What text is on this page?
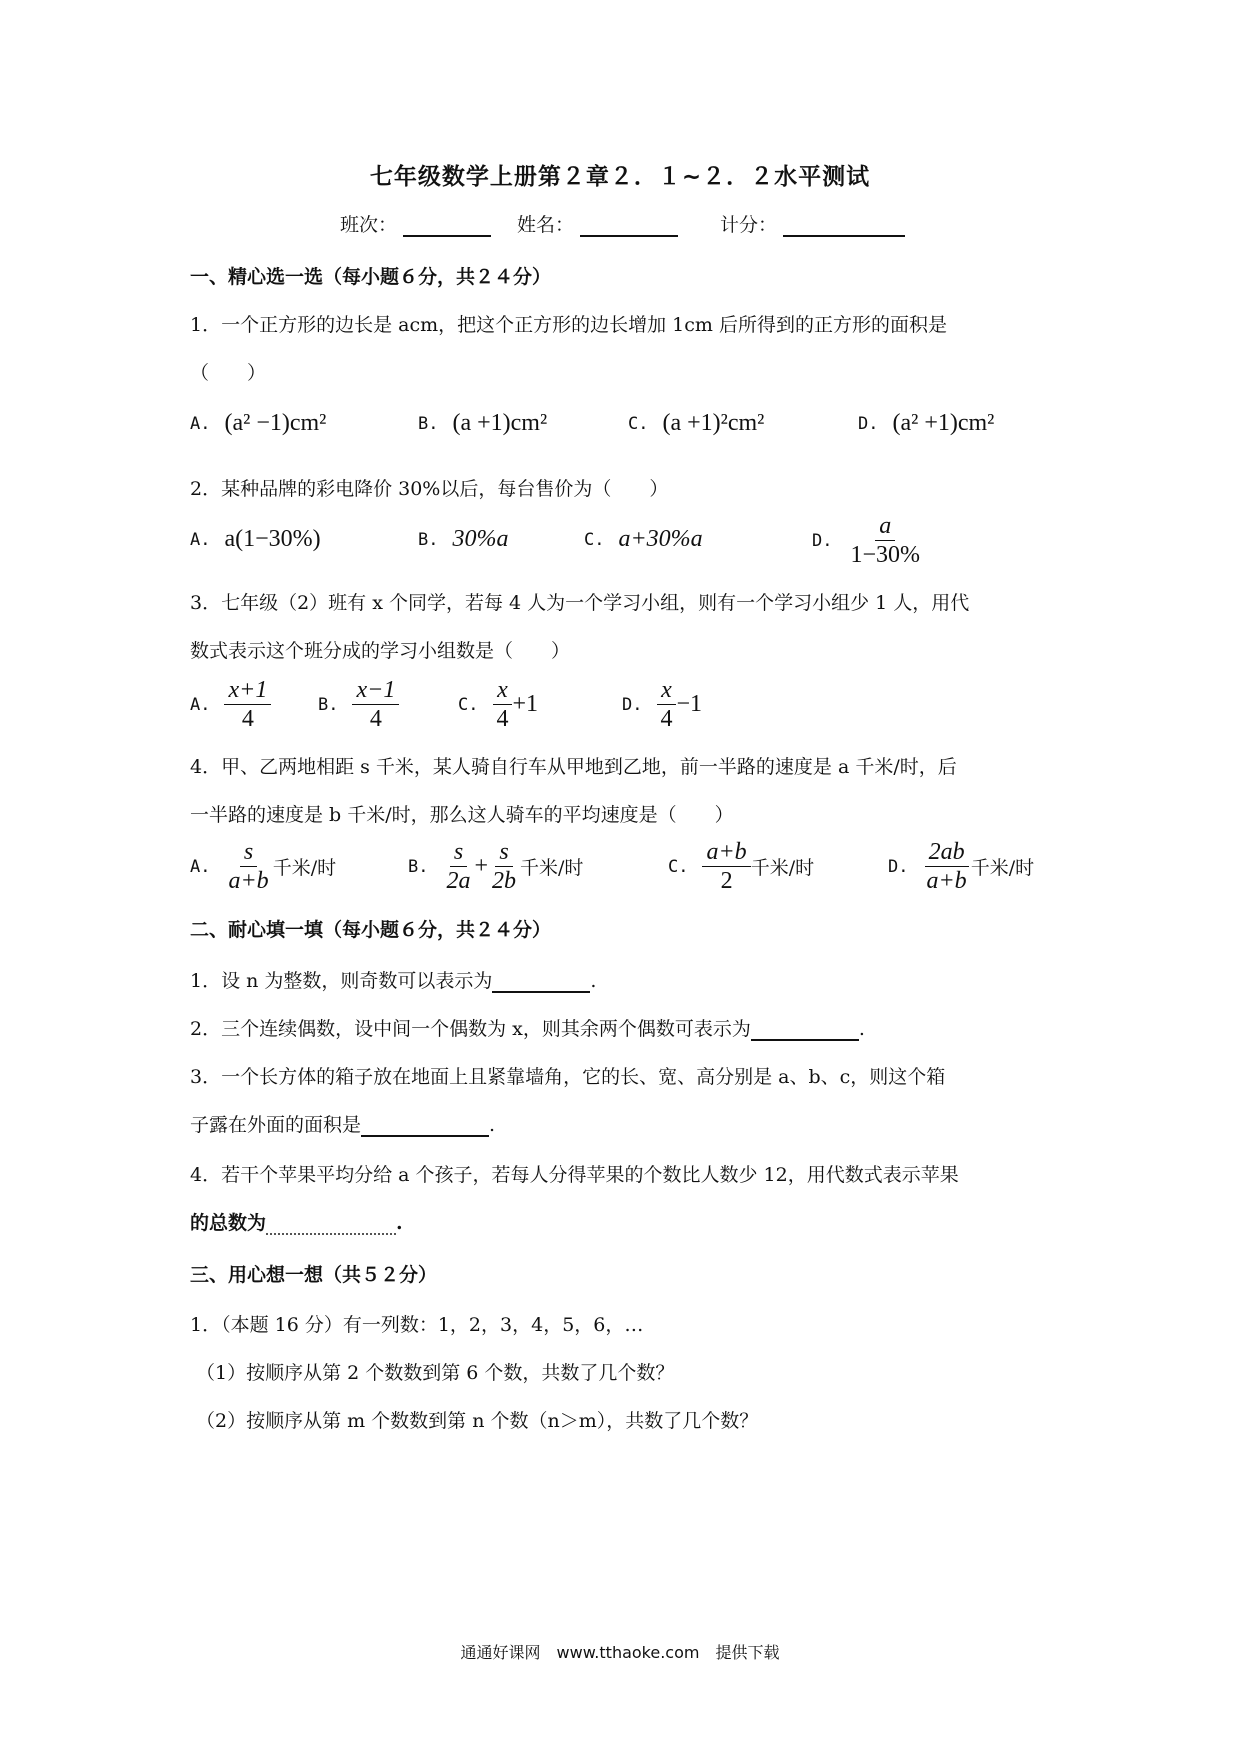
七年级数学上册第２章２．１~２．２水平测试
班次：	姓名：	计分：
一、精心选一选（每小题６分，共２４分）
1．一个正方形的边长是 acm，把这个正方形的边长增加 1cm 后所得到的正方形的面积是
（　　）
A. (a² −1)cm²	B. (a +1)cm²	C. (a +1)²cm²	D. (a² +1)cm²
2．某种品牌的彩电降价 30%以后，每台售价为（　　）
A. a(1−30%)	B. 30%a	C. a+30%a	D. $\frac{a}{1-30\%}$
3．七年级（2）班有 x 个同学，若每 4 人为一个学习小组，则有一个学习小组少 1 人，用代
数式表示这个班分成的学习小组数是（　　）
A. $\frac{x+1}{4}$	B. $\frac{x-1}{4}$	C. $\frac{x}{4} +1$	D. $\frac{x}{4} -1$
4．甲、乙两地相距 s 千米，某人骑自行车从甲地到乙地，前一半路的速度是 a 千米/时，后
一半路的速度是 b 千米/时，那么这人骑车的平均速度是（　　）
A. $\frac{s}{a+b}$ 千米/时	B. $\frac{s}{2a} + \frac{s}{2b}$ 千米/时	C. $\frac{a+b}{2}$ 千米/时	D. $\frac{2ab}{a+b}$ 千米/时
二、耐心填一填（每小题６分，共２４分）
1．设 n 为整数，则奇数可以表示为	.
2．三个连续偶数，设中间一个偶数为 x，则其余两个偶数可表示为	.
3．一个长方体的箱子放在地面上且紧靠墙角，它的长、宽、高分别是 a、b、c，则这个箱
子露在外面的面积是	.
4．若干个苹果平均分给 a 个孩子，若每人分得苹果的个数比人数少 12，用代数式表示苹果
的总数为	.
三、用心想一想（共５２分）
1．（本题 16 分）有一列数：1，2，3，4，5，6，…
（1）按顺序从第 2 个数数到第 6 个数，共数了几个数？
（2）按顺序从第 m 个数数到第 n 个数（n＞m），共数了几个数？
通通好课网　www.tthaoke.com　提供下载
